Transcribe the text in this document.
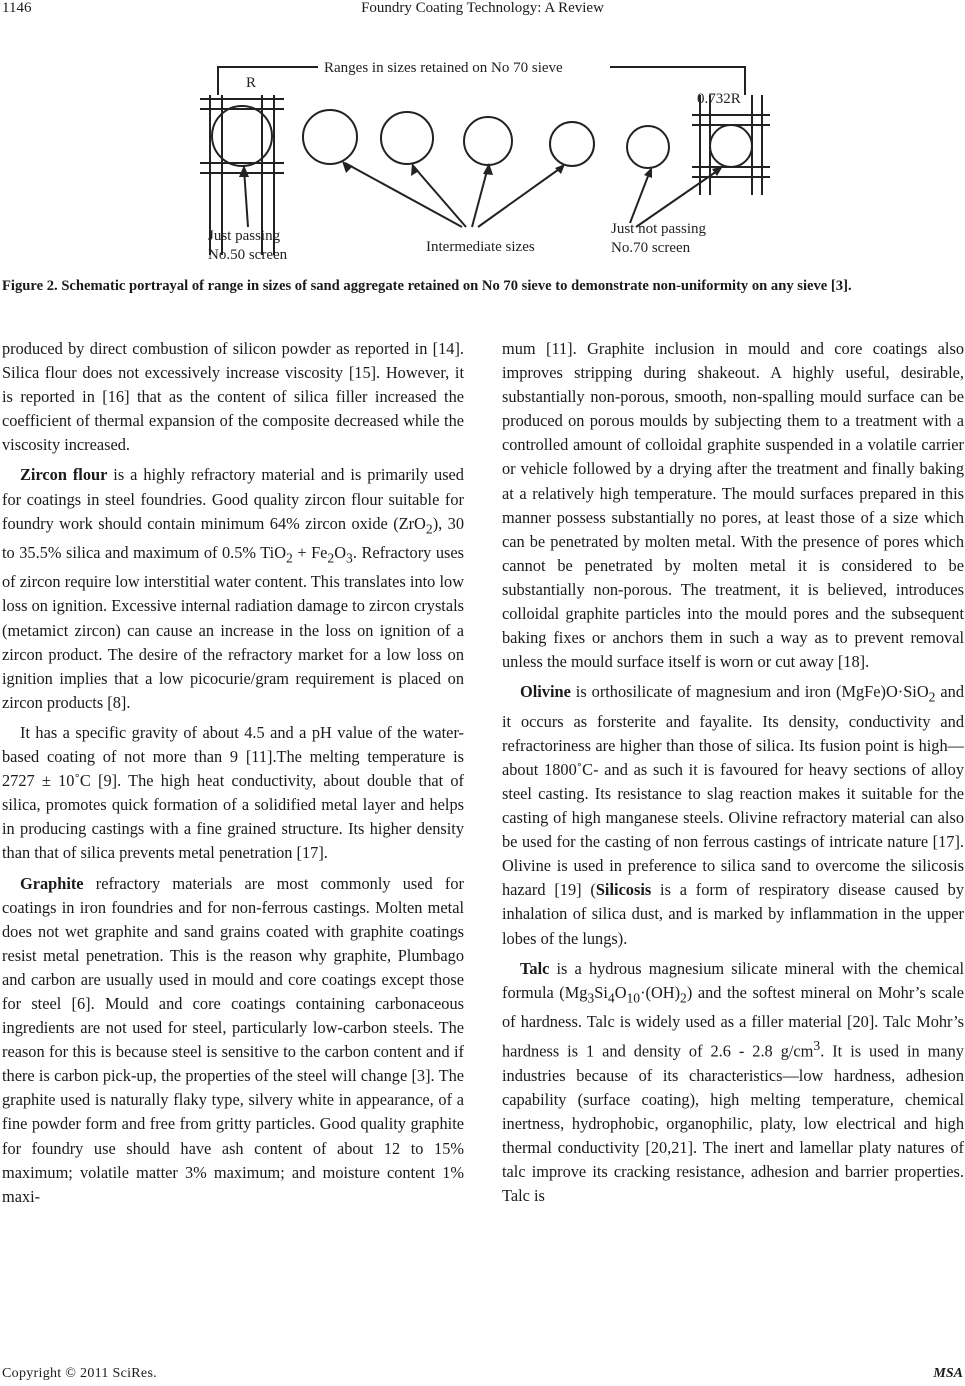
1146	Foundry Coating Technology: A Review
Ranges in sizes retained on No 70 sieve
R
0.732R
Just passing
No.50 screen	Intermediate sizes
Just not passing
No.70 screen
Figure 2. Schematic portrayal of range in sizes of sand aggregate retained on No 70 sieve to demonstrate non-uniformity on any sieve [3].

produced by direct combustion of silicon powder as reported in [14]. Silica flour does not excessively increase viscosity [15]. However, it is reported in [16] that as the content of silica filler increased the coefficient of thermal expansion of the composite decreased while the viscosity increased.

Zircon flour is a highly refractory material and is primarily used for coatings in steel foundries. Good quality zircon flour suitable for foundry work should contain minimum 64% zircon oxide (ZrO$_2$), 30 to 35.5% silica and maximum of 0.5% $TiO_2 + Fe_2O_3$. Refractory uses of zircon require low interstitial water content. This translates into low loss on ignition. Excessive internal radiation damage to zircon crystals (metamict zircon) can cause an increase in the loss on ignition of a zircon product. The desire of the refractory market for a low loss on ignition implies that a low picocurie/gram requirement is placed on zircon products [8].

It has a specific gravity of about 4.5 and a pH value of the water-based coating of not more than 9 [11].The melting temperature is 2727 ± 10˚C [9]. The high heat conductivity, about double that of silica, promotes quick formation of a solidified metal layer and helps in producing castings with a fine grained structure. Its higher density than that of silica prevents metal penetration [17].

Graphite refractory materials are most commonly used for coatings in iron foundries and for non-ferrous castings. Molten metal does not wet graphite and sand grains coated with graphite coatings resist metal penetration. This is the reason why graphite, Plumbago and carbon are usually used in mould and core coatings except those for steel [6]. Mould and core coatings containing carbonaceous ingredients are not used for steel, particularly low-carbon steels. The reason for this is because steel is sensitive to the carbon content and if there is carbon pick-up, the properties of the steel will change [3]. The graphite used is naturally flaky type, silvery white in appearance, of a fine powder form and free from gritty particles. Good quality graphite for foundry use should have ash content of about 12 to 15% maximum; volatile matter 3% maximum; and moisture content 1% maxi-

mum [11]. Graphite inclusion in mould and core coatings also improves stripping during shakeout. A highly useful, desirable, substantially non-porous, smooth, non-spalling mould surface can be produced on porous moulds by subjecting them to a treatment with a controlled amount of colloidal graphite suspended in a volatile carrier or vehicle followed by a drying after the treatment and finally baking at a relatively high temperature. The mould surfaces prepared in this manner possess substantially no pores, at least those of a size which can be penetrated by molten metal. With the presence of pores which cannot be penetrated by molten metal it is considered to be substantially non-porous. The treatment, it is believed, introduces colloidal graphite particles into the mould pores and the subsequent baking fixes or anchors them in such a way as to prevent removal unless the mould surface itself is worn or cut away [18].

Olivine is orthosilicate of magnesium and iron (MgFe)O·SiO$_2$ and it occurs as forsterite and fayalite. Its density, conductivity and refractoriness are higher than those of silica. Its fusion point is high—about 1800˚C- and as such it is favoured for heavy sections of alloy steel casting. Its resistance to slag reaction makes it suitable for the casting of high manganese steels. Olivine refractory material can also be used for the casting of non ferrous castings of intricate nature [17]. Olivine is used in preference to silica sand to overcome the silicosis hazard [19] (Silicosis is a form of respiratory disease caused by inhalation of silica dust, and is marked by inflammation in the upper lobes of the lungs).

Talc is a hydrous magnesium silicate mineral with the chemical formula $(Mg_3Si_4O_{10}\cdot(OH)_2)$ and the softest mineral on Mohr’s scale of hardness. Talc is widely used as a filler material [20]. Talc Mohr’s hardness is 1 and density of 2.6 - 2.8 $g/cm^3$. It is used in many industries because of its characteristics—low hardness, adhesion capability (surface coating), high melting temperature, chemical inertness, hydrophobic, organophilic, platy, low electrical and high thermal conductivity [20,21]. The inert and lamellar platy natures of talc improve its cracking resistance, adhesion and barrier properties. Talc is

Copyright © 2011 SciRes.	MSA
